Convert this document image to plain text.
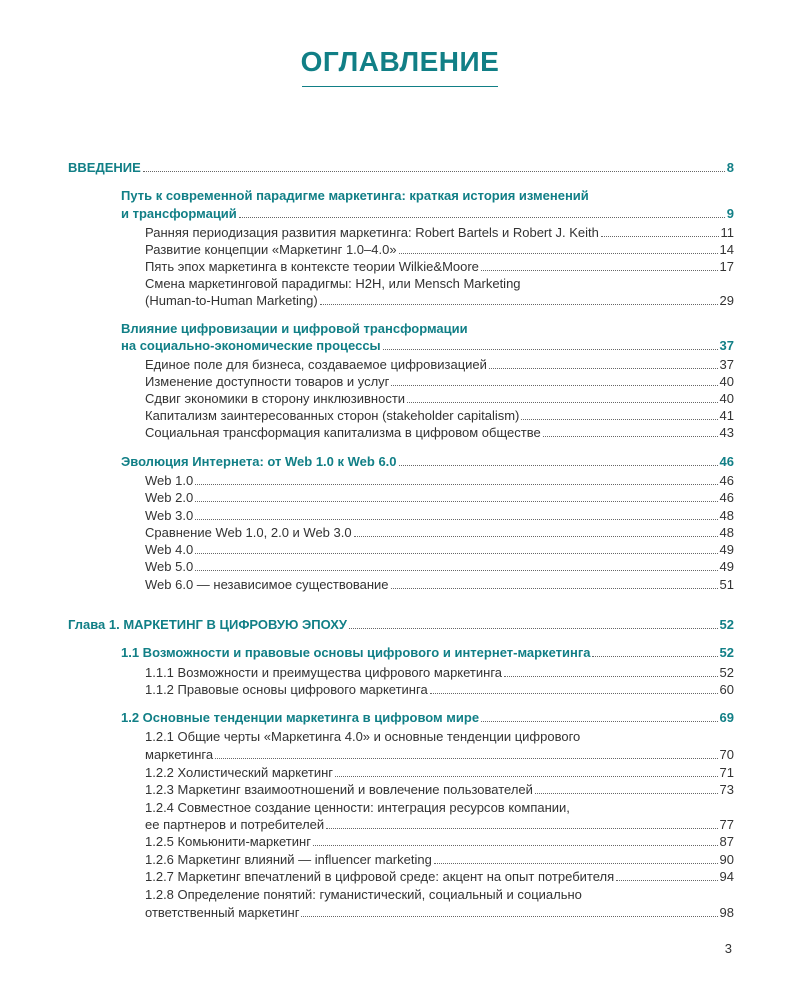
ОГЛАВЛЕНИЕ
ВВЕДЕНИЕ	8
Путь к современной парадигме маркетинга: краткая история изменений
и трансформаций	9
Ранняя периодизация развития маркетинга: Robert Bartels и Robert J. Keith	11
Развитие концепции «Маркетинг 1.0–4.0»	14
Пять эпох маркетинга в контексте теории Wilkie&Moore	17
Смена маркетинговой парадигмы: H2H, или Mensch Marketing
(Human-to-Human Marketing)	29
Влияние цифровизации и цифровой трансформации
на социально-экономические процессы	37
Единое поле для бизнеса, создаваемое цифровизацией	37
Изменение доступности товаров и услуг	40
Сдвиг экономики в сторону инклюзивности	40
Капитализм заинтересованных сторон (stakeholder capitalism)	41
Социальная трансформация капитализма в цифровом обществе	43
Эволюция Интернета: от Web 1.0 к Web 6.0	46
Web 1.0	46
Web 2.0	46
Web 3.0	48
Сравнение Web 1.0, 2.0 и Web 3.0	48
Web 4.0	49
Web 5.0	49
Web 6.0 — независимое существование	51
Глава 1. МАРКЕТИНГ В ЦИФРОВУЮ ЭПОХУ	52
1.1 Возможности и правовые основы цифрового и интернет-маркетинга	52
1.1.1 Возможности и преимущества цифрового маркетинга	52
1.1.2 Правовые основы цифрового маркетинга	60
1.2 Основные тенденции маркетинга в цифровом мире	69
1.2.1 Общие черты «Маркетинга 4.0» и основные тенденции цифрового
маркетинга	70
1.2.2 Холистический маркетинг	71
1.2.3 Маркетинг взаимоотношений и вовлечение пользователей	73
1.2.4 Совместное создание ценности: интеграция ресурсов компании,
ее партнеров и потребителей	77
1.2.5 Комьюнити-маркетинг	87
1.2.6 Маркетинг влияний — influencer marketing	90
1.2.7 Маркетинг впечатлений в цифровой среде: акцент на опыт потребителя	94
1.2.8 Определение понятий: гуманистический, социальный и социально
ответственный маркетинг	98
3
